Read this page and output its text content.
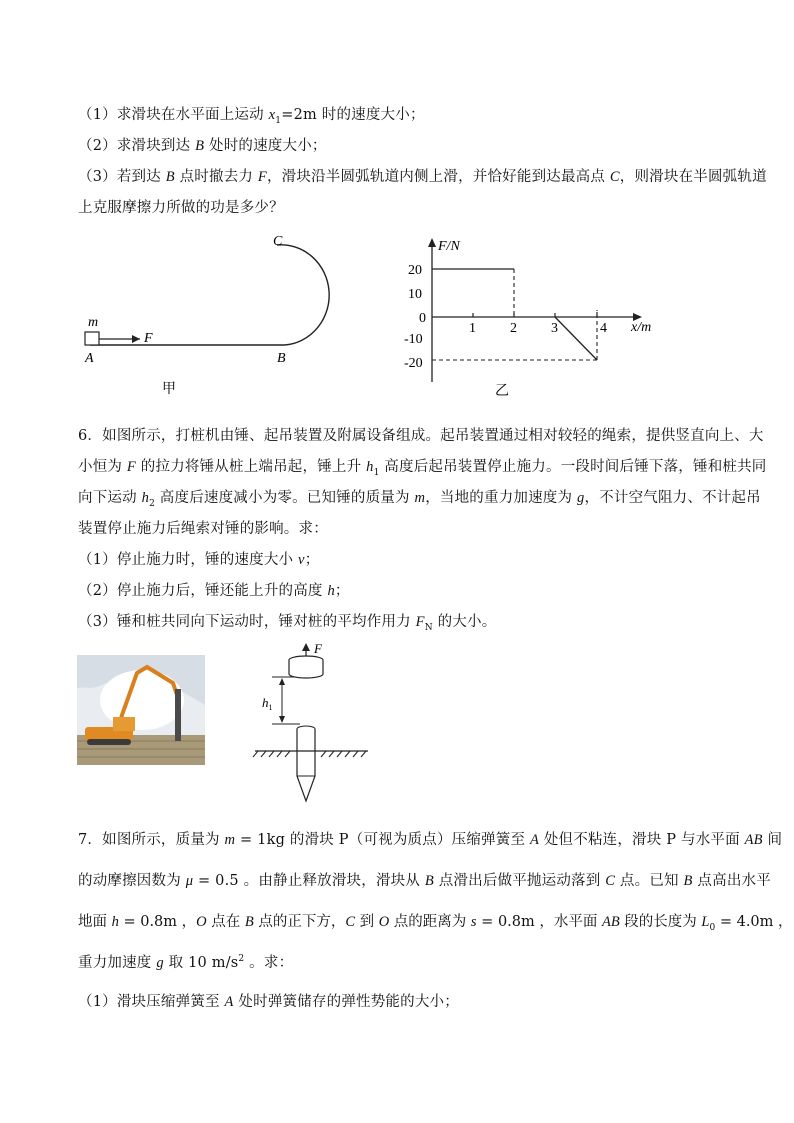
（1）求滑块在水平面上运动 $x_1=2m$ 时的速度大小；
（2）求滑块到达 B 处时的速度大小；
（3）若到达 B 点时撤去力 F，滑块沿半圆弧轨道内侧上滑，并恰好能到达最高点 C，则滑块在半圆弧轨道
上克服摩擦力所做的功是多少？
C
m
F
A	B
甲
F/N
x/m
0
20
10
-10
-20
1 2 3	4
乙
6．如图所示，打桩机由锤、起吊装置及附属设备组成。起吊装置通过相对较轻的绳索，提供竖直向上、大
小恒为 F 的拉力将锤从桩上端吊起，锤上升 $h_1$ 高度后起吊装置停止施力。一段时间后锤下落，锤和桩共同
向下运动 $h_2$ 高度后速度减小为零。已知锤的质量为 m，当地的重力加速度为 g，不计空气阻力、不计起吊
装置停止施力后绳索对锤的影响。求：
（1）停止施力时，锤的速度大小 v；
（2）停止施力后，锤还能上升的高度 h；
（3）锤和桩共同向下运动时，锤对桩的平均作用力 $F_N$ 的大小。
F
$h_1$
7．如图所示，质量为 m = 1kg 的滑块 P（可视为质点）压缩弹簧至 A 处但不粘连，滑块 P 与水平面 AB 间
的动摩擦因数为 μ = 0.5 。由静止释放滑块，滑块从 B 点滑出后做平抛运动落到 C 点。已知 B 点高出水平
地面 h = 0.8m ，O 点在 B 点的正下方，C 到 O 点的距离为 s = 0.8m ，水平面 AB 段的长度为 $L_0 = 4.0m$ ，
重力加速度 g 取 10 $m/s^2$ 。求：
（1）滑块压缩弹簧至 A 处时弹簧储存的弹性势能的大小；
